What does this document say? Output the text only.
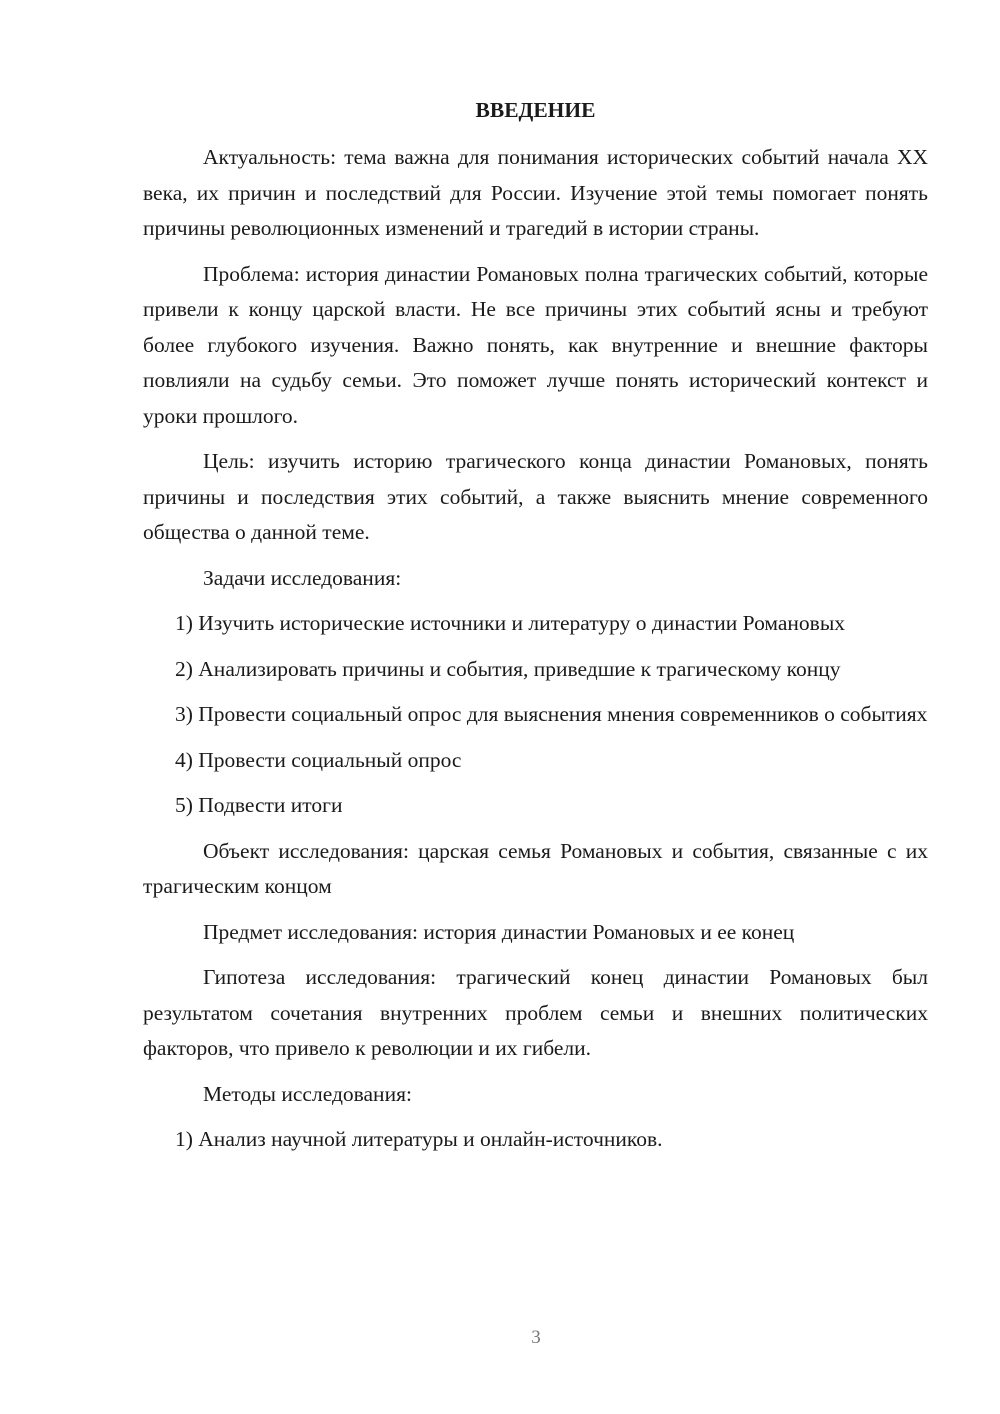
ВВЕДЕНИЕ

Актуальность: тема важна для понимания исторических событий начала XX века, их причин и последствий для России. Изучение этой темы помогает понять причины революционных изменений и трагедий в истории страны.

Проблема: история династии Романовых полна трагических событий, которые привели к концу царской власти. Не все причины этих событий ясны и требуют более глубокого изучения. Важно понять, как внутренние и внешние факторы повлияли на судьбу семьи. Это поможет лучше понять исторический контекст и уроки прошлого.

Цель: изучить историю трагического конца династии Романовых, понять причины и последствия этих событий, а также выяснить мнение современного общества о данной теме.

Задачи исследования:

1) Изучить исторические источники и литературу о династии Романовых

2) Анализировать причины и события, приведшие к трагическому концу

3) Провести социальный опрос для выяснения мнения современников о событиях

4) Провести социальный опрос

5) Подвести итоги

Объект исследования: царская семья Романовых и события, связанные с их трагическим концом

Предмет исследования: история династии Романовых и ее конец

Гипотеза исследования: трагический конец династии Романовых был результатом сочетания внутренних проблем семьи и внешних политических факторов, что привело к революции и их гибели.

Методы исследования:

1) Анализ научной литературы и онлайн-источников.

3
